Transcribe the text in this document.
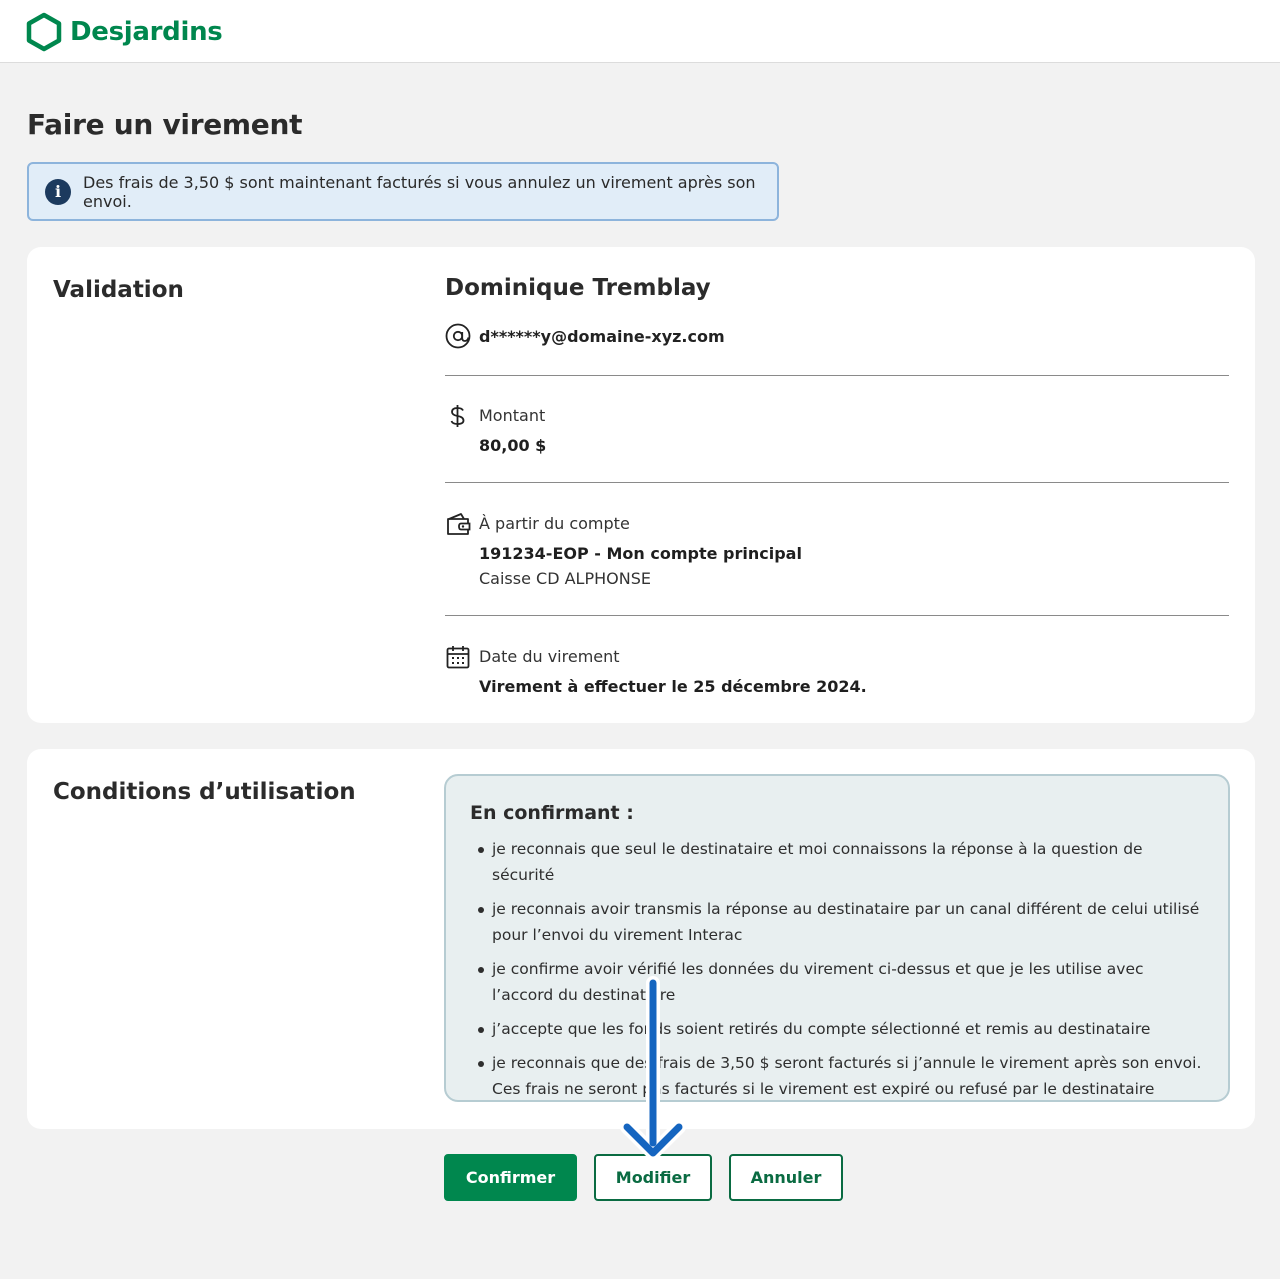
Desjardins
Faire un virement
i	Des frais de 3,50 $ sont maintenant facturés si vous annulez un virement après son envoi.
Validation	Dominique Tremblay
d******y@domaine-xyz.com
Montant
80,00 $
À partir du compte
191234-EOP - Mon compte principal
Caisse CD ALPHONSE
Date du virement
Virement à effectuer le 25 décembre 2024.
Conditions d’utilisation
En confirmant :
je reconnais que seul le destinataire et moi connaissons la réponse à la question de sécurité
je reconnais avoir transmis la réponse au destinataire par un canal différent de celui utilisé pour l’envoi du virement Interac
je confirme avoir vérifié les données du virement ci-dessus et que je les utilise avec l’accord du destinataire
j’accepte que les fonds soient retirés du compte sélectionné et remis au destinataire
je reconnais que des frais de 3,50 $ seront facturés si j’annule le virement après son envoi. Ces frais ne seront pas facturés si le virement est expiré ou refusé par le destinataire
Confirmer	Modifier	Annuler
